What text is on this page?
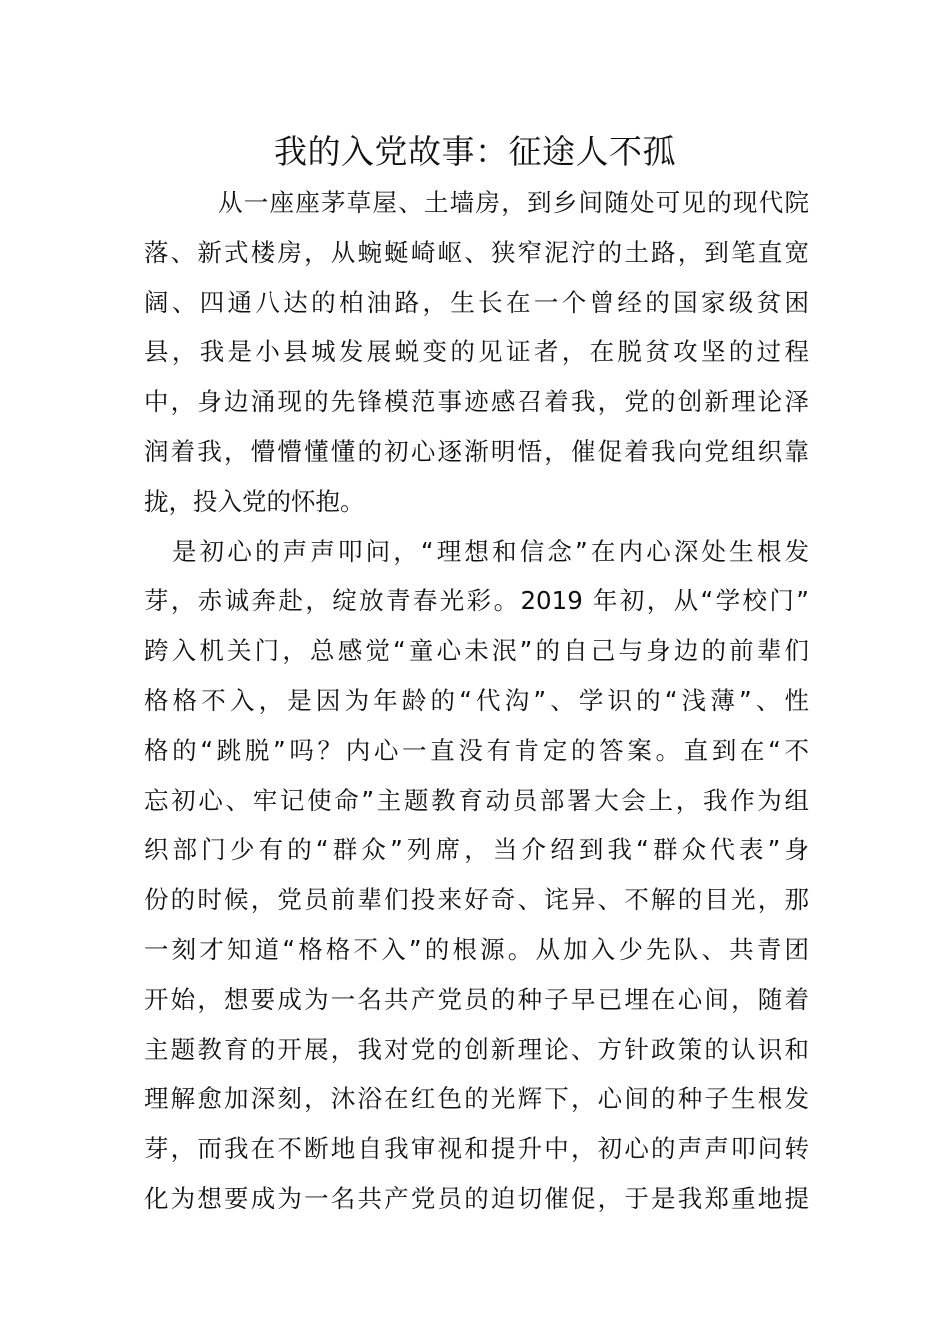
我的入党故事：征途人不孤
从一座座茅草屋、土墙房，到乡间随处可见的现代院
落、新式楼房，从蜿蜒崎岖、狭窄泥泞的土路，到笔直宽
阔、四通八达的柏油路，生长在一个曾经的国家级贫困
县，我是小县城发展蜕变的见证者，在脱贫攻坚的过程
中，身边涌现的先锋模范事迹感召着我，党的创新理论泽
润着我，懵懵懂懂的初心逐渐明悟，催促着我向党组织靠
拢，投入党的怀抱。
是初心的声声叩问，“理想和信念”在内心深处生根发
芽，赤诚奔赴，绽放青春光彩。2019 年初，从“学校门”
跨入机关门，总感觉“童心未泯”的自己与身边的前辈们
格格不入，是因为年龄的“代沟”、学识的“浅薄”、性
格的“跳脱”吗？内心一直没有肯定的答案。直到在“不
忘初心、牢记使命”主题教育动员部署大会上，我作为组
织部门少有的“群众”列席，当介绍到我“群众代表”身
份的时候，党员前辈们投来好奇、诧异、不解的目光，那
一刻才知道“格格不入”的根源。从加入少先队、共青团
开始，想要成为一名共产党员的种子早已埋在心间，随着
主题教育的开展，我对党的创新理论、方针政策的认识和
理解愈加深刻，沐浴在红色的光辉下，心间的种子生根发
芽，而我在不断地自我审视和提升中，初心的声声叩问转
化为想要成为一名共产党员的迫切催促，于是我郑重地提
